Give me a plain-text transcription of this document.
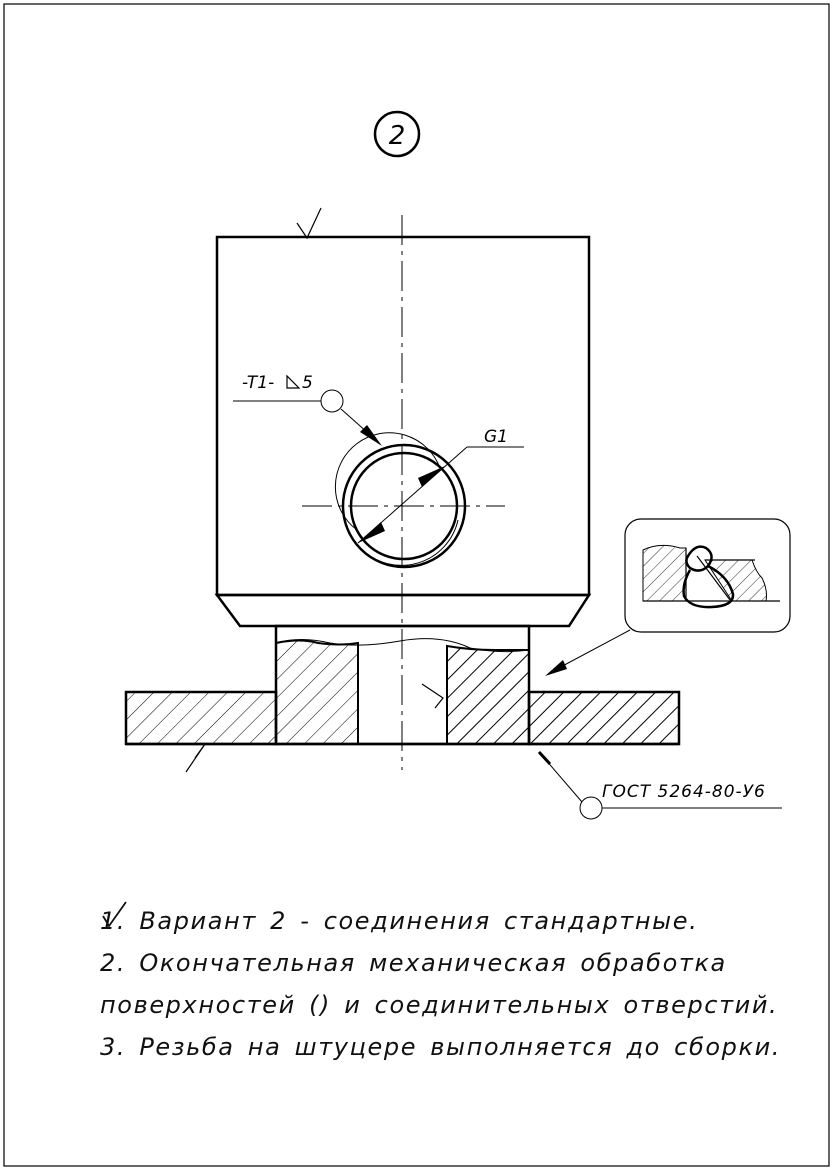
2
G1
-T1- 5
ГОСТ 5264-80-У6
1. Вариант 2 - соединения стандартные.
2. Окончательная механическая обработка
поверхностей (
) и соединительных отверстий.
3. Резьба на штуцере выполняется до сборки.
